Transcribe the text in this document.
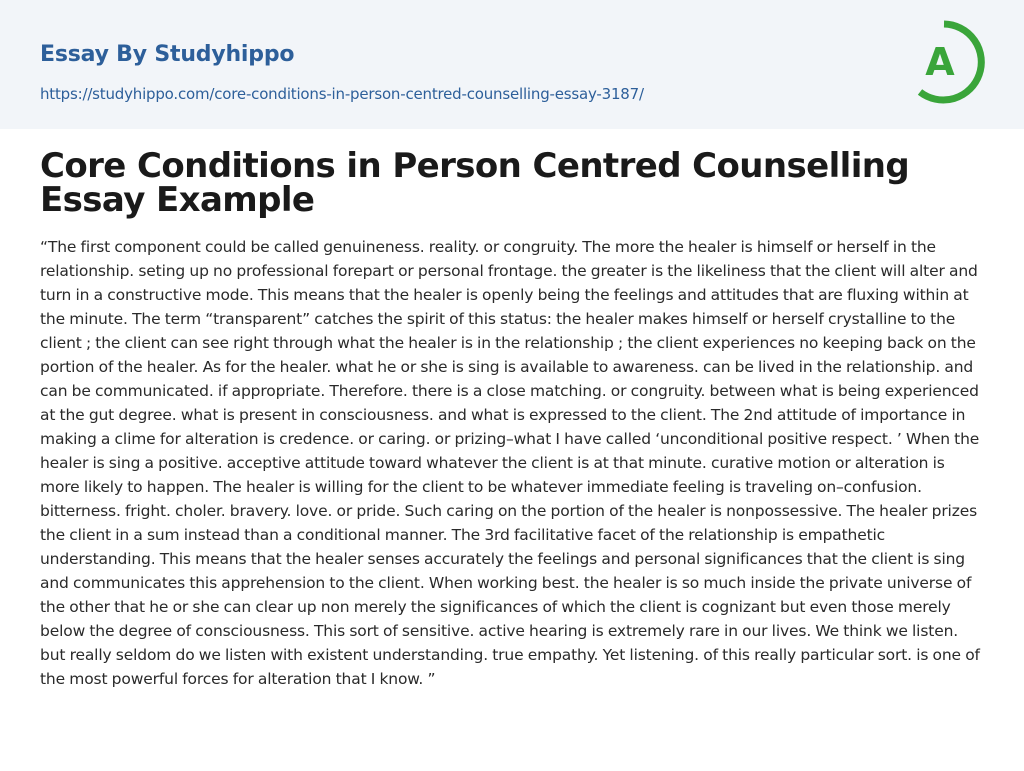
Essay By Studyhippo
https://studyhippo.com/core-conditions-in-person-centred-counselling-essay-3187/
A
Core Conditions in Person Centred Counselling Essay Example

“The first component could be called genuineness. reality. or congruity. The more the healer is himself or herself in the relationship. seting up no professional forepart or personal frontage. the greater is the likeliness that the client will alter and turn in a constructive mode. This means that the healer is openly being the feelings and attitudes that are fluxing within at the minute. The term “transparent” catches the spirit of this status: the healer makes himself or herself crystalline to the client ; the client can see right through what the healer is in the relationship ; the client experiences no keeping back on the portion of the healer. As for the healer. what he or she is sing is available to awareness. can be lived in the relationship. and can be communicated. if appropriate. Therefore. there is a close matching. or congruity. between what is being experienced at the gut degree. what is present in consciousness. and what is expressed to the client. The 2nd attitude of importance in making a clime for alteration is credence. or caring. or prizing–what I have called ‘unconditional positive respect. ’ When the healer is sing a positive. acceptive attitude toward whatever the client is at that minute. curative motion or alteration is more likely to happen. The healer is willing for the client to be whatever immediate feeling is traveling on–confusion. bitterness. fright. choler. bravery. love. or pride. Such caring on the portion of the healer is nonpossessive. The healer prizes the client in a sum instead than a conditional manner. The 3rd facilitative facet of the relationship is empathetic understanding. This means that the healer senses accurately the feelings and personal significances that the client is sing and communicates this apprehension to the client. When working best. the healer is so much inside the private universe of the other that he or she can clear up non merely the significances of which the client is cognizant but even those merely below the degree of consciousness. This sort of sensitive. active hearing is extremely rare in our lives. We think we listen. but really seldom do we listen with existent understanding. true empathy. Yet listening. of this really particular sort. is one of the most powerful forces for alteration that I know. ”
